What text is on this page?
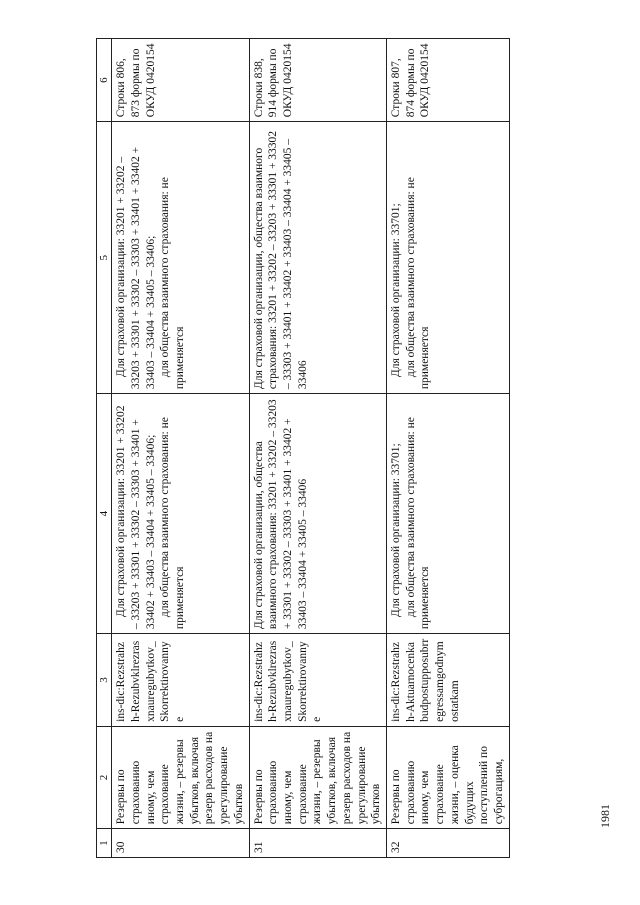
1	2	3	4	5	6
30	Резервы по страхованию иному, чем страхование жизни, – резервы убытков, включая резерв расходов на урегулирование убытков	ins-dic:Rezstrahzh-Rezubvklrezrasxnauregubytkov_Skorrektirovannye	Для страховой организации: 33201 + 33202 – 33203 + 33301 + 33302 – 33303 + 33401 + 33402 + 33403 – 33404 + 33405 – 33406; для общества взаимного страхования: не применяется	Для страховой организации: 33201 + 33202 – 33203 + 33301 + 33302 – 33303 + 33401 + 33402 + 33403 – 33404 + 33405 – 33406; для общества взаимного страхования: не применяется	Строки 806, 873 формы по ОКУД 0420154
31	Резервы по страхованию иному, чем страхование жизни, – резервы убытков, включая резерв расходов на урегулирование убытков	ins-dic:Rezstrahzh-Rezubvklrezrasxnauregubytkov_Skorrektirovannye	Для страховой организации, общества взаимного страхования: 33201 + 33202 – 33203 + 33301 + 33302 – 33303 + 33401 + 33402 + 33403 – 33404 + 33405 – 33406	Для страховой организации, общества взаимного страхования: 33201 + 33202 – 33203 + 33301 + 33302 – 33303 + 33401 + 33402 + 33403 – 33404 + 33405 – 33406	Строки 838, 914 формы по ОКУД 0420154
32	Резервы по страхованию иному, чем страхование жизни, – оценка будущих поступлений по суброгациям,	ins-dic:Rezstrahzh-Aktuarnocenkabudpostupposubrregressamgodnymostatkam	Для страховой организации: 33701; для общества взаимного страхования: не применяется	Для страховой организации: 33701; для общества взаимного страхования: не применяется	Строки 807, 874 формы по ОКУД 0420154
1981
